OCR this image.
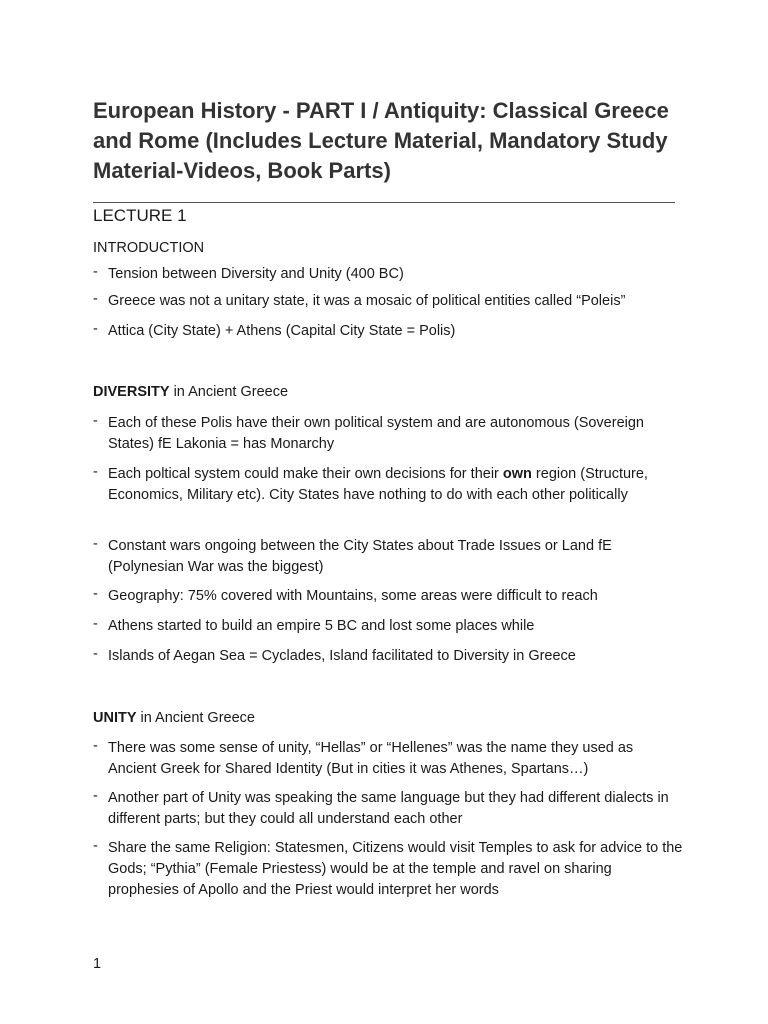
European History - PART I / Antiquity: Classical Greece and Rome (Includes Lecture Material, Mandatory Study Material-Videos, Book Parts)
LECTURE 1
INTRODUCTION
- Tension between Diversity and Unity (400 BC)
- Greece was not a unitary state, it was a mosaic of political entities called “Poleis”
- Attica (City State) + Athens (Capital City State = Polis)
DIVERSITY in Ancient Greece
- Each of these Polis have their own political system and are autonomous (Sovereign States) fE Lakonia = has Monarchy
- Each poltical system could make their own decisions for their own region (Structure, Economics, Military etc). City States have nothing to do with each other politically
- Constant wars ongoing between the City States about Trade Issues or Land fE (Polynesian War was the biggest)
- Geography: 75% covered with Mountains, some areas were difficult to reach
- Athens started to build an empire 5 BC and lost some places while
- Islands of Aegan Sea = Cyclades, Island facilitated to Diversity in Greece
UNITY in Ancient Greece
- There was some sense of unity, “Hellas” or “Hellenes” was the name they used as Ancient Greek for Shared Identity (But in cities it was Athenes, Spartans…)
- Another part of Unity was speaking the same language but they had different dialects in different parts; but they could all understand each other
- Share the same Religion: Statesmen, Citizens would visit Temples to ask for advice to the Gods; “Pythia” (Female Priestess) would be at the temple and ravel on sharing prophesies of Apollo and the Priest would interpret her words
1
